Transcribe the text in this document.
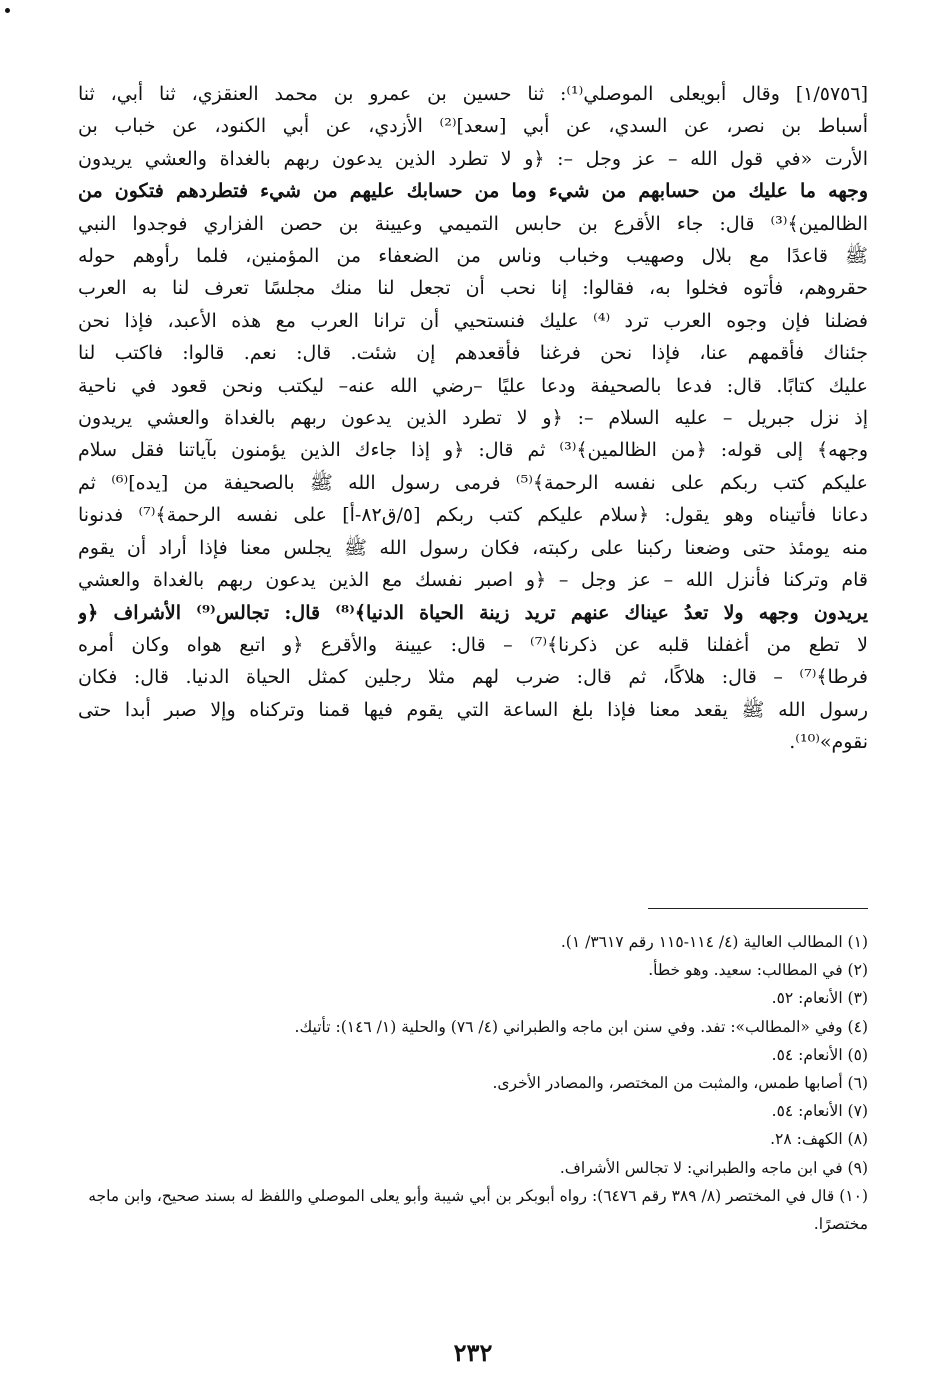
[١/٥٧٥٦] وقال أبويعلى الموصلي⁽¹⁾: ثنا حسين بن عمرو بن محمد العنقزي، ثنا أبي، ثنا
أسباط بن نصر، عن السدي، عن أبي [سعد]⁽²⁾ الأزدي، عن أبي الكنود، عن خباب بن
الأرت «في قول الله – عز وجل –: ﴿و لا تطرد الذين يدعون ربهم بالغداة والعشي يريدون
وجهه ما عليك من حسابهم من شيء وما من حسابك عليهم من شيء فتطردهم فتكون من
الظالمين﴾⁽³⁾ قال: جاء الأقرع بن حابس التميمي وعيينة بن حصن الفزاري فوجدوا النبي
ﷺ قاعدًا مع بلال وصهيب وخباب وناس من الضعفاء من المؤمنين، فلما رأوهم حوله
حقروهم، فأتوه فخلوا به، فقالوا: إنا نحب أن تجعل لنا منك مجلسًا تعرف لنا به العرب
فضلنا فإن وجوه العرب ترد ⁽⁴⁾ عليك فنستحيي أن ترانا العرب مع هذه الأعبد، فإذا نحن
جئناك فأقمهم عنا، فإذا نحن فرغنا فأقعدهم إن شئت. قال: نعم. قالوا: فاكتب لنا
عليك كتابًا. قال: فدعا بالصحيفة ودعا عليًا –رضي الله عنه– ليكتب ونحن قعود في ناحية
إذ نزل جبريل – عليه السلام –: ﴿و لا تطرد الذين يدعون ربهم بالغداة والعشي يريدون
وجهه﴾ إلى قوله: ﴿من الظالمين﴾⁽³⁾ ثم قال: ﴿و إذا جاءك الذين يؤمنون بآياتنا فقل سلام
عليكم كتب ربكم على نفسه الرحمة﴾⁽⁵⁾ فرمى رسول الله ﷺ بالصحيفة من [يده]⁽⁶⁾ ثم
دعانا فأتيناه وهو يقول: ﴿سلام عليكم كتب ربكم [٥/ق٨٢-أ] على نفسه الرحمة﴾⁽⁷⁾ فدنونا
منه يومئذ حتى وضعنا ركبنا على ركبته، فكان رسول الله ﷺ يجلس معنا فإذا أراد أن يقوم
قام وتركنا فأنزل الله – عز وجل – ﴿و اصبر نفسك مع الذين يدعون ربهم بالغداة والعشي
يريدون وجهه ولا تعدُ عيناك عنهم تريد زينة الحياة الدنيا﴾⁽⁸⁾ قال: تجالس⁽⁹⁾ الأشراف ﴿و
لا تطع من أغفلنا قلبه عن ذكرنا﴾⁽⁷⁾ – قال: عيينة والأقرع ﴿و اتبع هواه وكان أمره
فرطا﴾⁽⁷⁾ – قال: هلاكًا، ثم قال: ضرب لهم مثلا رجلين كمثل الحياة الدنيا. قال: فكان
رسول الله ﷺ يقعد معنا فإذا بلغ الساعة التي يقوم فيها قمنا وتركناه وإلا صبر أبدا حتى
نقوم»⁽¹⁰⁾.
(١) المطالب العالية (٤/ ١١٤-١١٥ رقم ٣٦١٧/ ١).
(٢) في المطالب: سعيد. وهو خطأ.
(٣) الأنعام: ٥٢.
(٤) وفي «المطالب»: تفد. وفي سنن ابن ماجه والطبراني (٤/ ٧٦) والحلية (١/ ١٤٦): تأتيك.
(٥) الأنعام: ٥٤.
(٦) أصابها طمس، والمثبت من المختصر، والمصادر الأخرى.
(٧) الأنعام: ٥٤.
(٨) الكهف: ٢٨.
(٩) في ابن ماجه والطبراني: لا تجالس الأشراف.
(١٠) قال في المختصر (٨/ ٣٨٩ رقم ٦٤٧٦): رواه أبوبكر بن أبي شيبة وأبو يعلى الموصلي واللفظ له بسند صحيح، وابن ماجه مختصرًا.
٢٣٢
